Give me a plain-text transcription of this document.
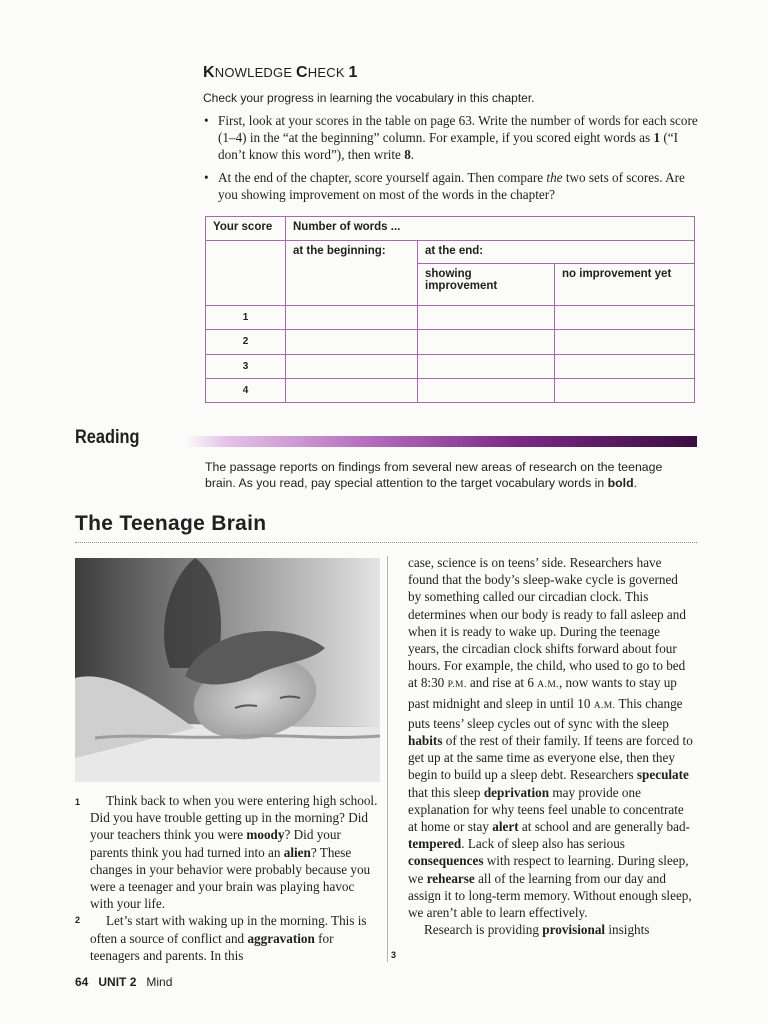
KNOWLEDGE CHECK 1
Check your progress in learning the vocabulary in this chapter.
• First, look at your scores in the table on page 63. Write the number of words for each score (1–4) in the “at the beginning” column. For example, if you scored eight words as 1 (“I don’t know this word”), then write 8.
• At the end of the chapter, score yourself again. Then compare the two sets of scores. Are you showing improvement on most of the words in the chapter?
Your score	Number of words ...		
	at the beginning:	at the end:	
		showing improvement	no improvement yet
1			
2			
3			
4			
Reading
The passage reports on findings from several new areas of research on the teenage brain. As you read, pay special attention to the target vocabulary words in bold.
The Teenage Brain
1
2
3

Think back to when you were entering high school. Did you have trouble getting up in the morning? Did your teachers think you were moody? Did your parents think you had turned into an alien? These changes in your behavior were probably because you were a teenager and your brain was playing havoc with your life.

Let’s start with waking up in the morning. This is often a source of conflict and aggravation for teenagers and parents. In this

case, science is on teens’ side. Researchers have found that the body’s sleep-wake cycle is governed by something called our circadian clock. This determines when our body is ready to fall asleep and when it is ready to wake up. During the teenage years, the circadian clock shifts forward about four hours. For example, the child, who used to go to bed at 8:30 P.M. and rise at 6 A.M., now wants to stay up past midnight and sleep in until 10 A.M. This change puts teens’ sleep cycles out of sync with the sleep habits of the rest of their family. If teens are forced to get up at the same time as everyone else, then they begin to build up a sleep debt. Researchers speculate that this sleep deprivation may provide one explanation for why teens feel unable to concentrate at home or stay alert at school and are generally bad-tempered. Lack of sleep also has serious consequences with respect to learning. During sleep, we rehearse all of the learning from our day and assign it to long-term memory. Without enough sleep, we aren’t able to learn effectively.

Research is providing provisional insights

64 UNIT 2 Mind
